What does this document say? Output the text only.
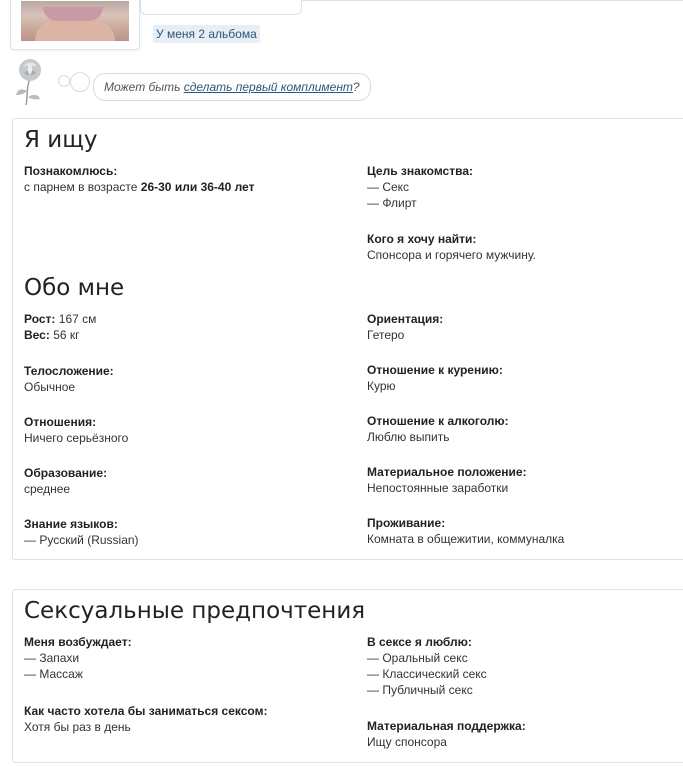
У меня 2 альбома
Может быть сделать первый комплимент?
Я ищу
Познакомлюсь:
с парнем в возрасте 26-30 или 36-40 лет
Цель знакомства:
— Секс
— Флирт
Кого я хочу найти:
Спонсора и горячего мужчину.
Обо мне
Рост: 167 см
Вес: 56 кг
Ориентация:
Гетеро
Телосложение:
Обычное
Отношение к курению:
Курю
Отношения:
Ничего серьёзного
Отношение к алкоголю:
Люблю выпить
Образование:
среднее
Материальное положение:
Непостоянные заработки
Знание языков:
— Русский (Russian)
Проживание:
Комната в общежитии, коммуналка
Сексуальные предпочтения
Меня возбуждает:
— Запахи
— Массаж
В сексе я люблю:
— Оральный секс
— Классический секс
— Публичный секс
Как часто хотела бы заниматься сексом:
Хотя бы раз в день	Материальная поддержка:
Ищу спонсора
